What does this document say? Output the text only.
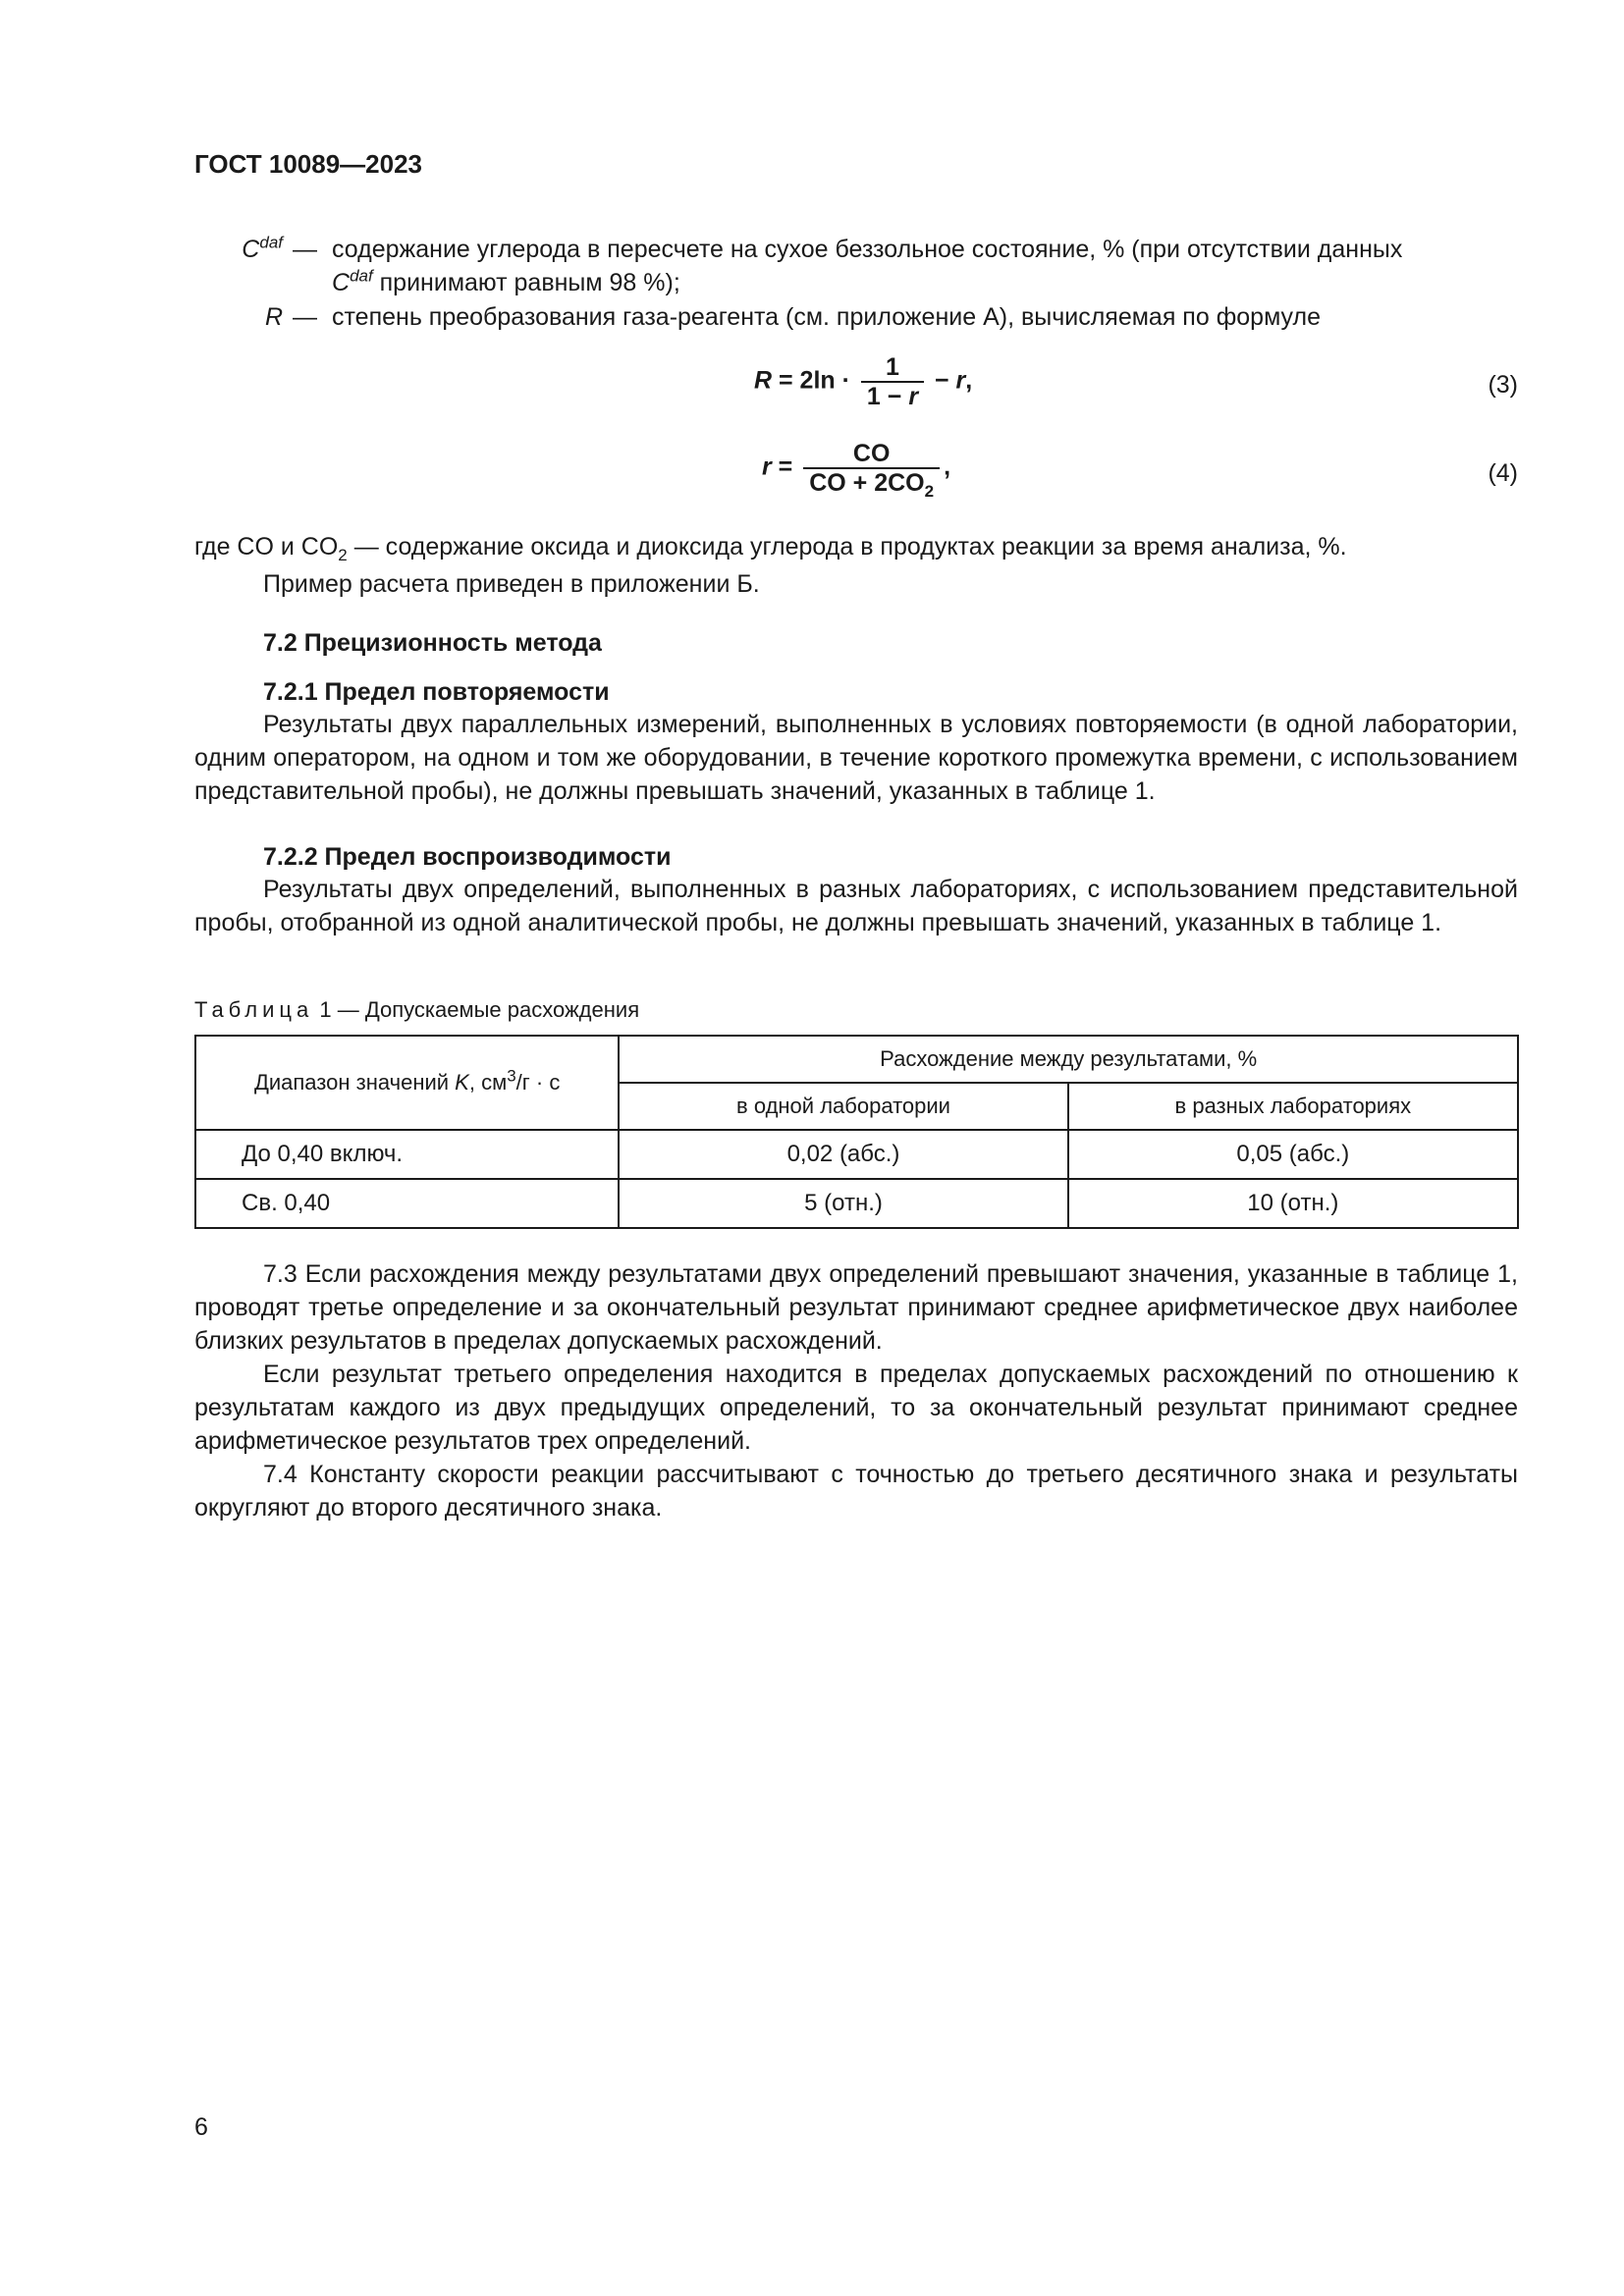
ГОСТ 10089—2023
$C^{daf}$ — содержание углерода в пересчете на сухое беззольное состояние, % (при отсутствии данных
$C^{daf}$ принимают равным 98 %);
R — степень преобразования газа-реагента (см. приложение А), вычисляемая по формуле
$R = 2\ln \cdot \frac{1}{1 - r} - r$,	(3)
$r = \frac{CO}{CO + 2CO_2}$ ,	(4)
где CO и $CO_2$ — содержание оксида и диоксида углерода в продуктах реакции за время анализа, %.
Пример расчета приведен в приложении Б.
7.2 Прецизионность метода
7.2.1 Предел повторяемости
Результаты двух параллельных измерений, выполненных в условиях повторяемости (в одной лаборатории, одним оператором, на одном и том же оборудовании, в течение короткого промежутка времени, с использованием представительной пробы), не должны превышать значений, указанных в таблице 1.
7.2.2 Предел воспроизводимости
Результаты двух определений, выполненных в разных лабораториях, с использованием представительной пробы, отобранной из одной аналитической пробы, не должны превышать значений, указанных в таблице 1.
Таблица 1 — Допускаемые расхождения
Диапазон значений K, $см^3/г \cdot с$	Расхождение между результатами, %	
	в одной лаборатории	в разных лабораториях
До 0,40 включ.	0,02 (абс.)	0,05 (абс.)
Св. 0,40	5 (отн.)	10 (отн.)
7.3 Если расхождения между результатами двух определений превышают значения, указанные в таблице 1, проводят третье определение и за окончательный результат принимают среднее арифметическое двух наиболее близких результатов в пределах допускаемых расхождений.
Если результат третьего определения находится в пределах допускаемых расхождений по отношению к результатам каждого из двух предыдущих определений, то за окончательный результат принимают среднее арифметическое результатов трех определений.
7.4 Константу скорости реакции рассчитывают с точностью до третьего десятичного знака и результаты округляют до второго десятичного знака.
6
